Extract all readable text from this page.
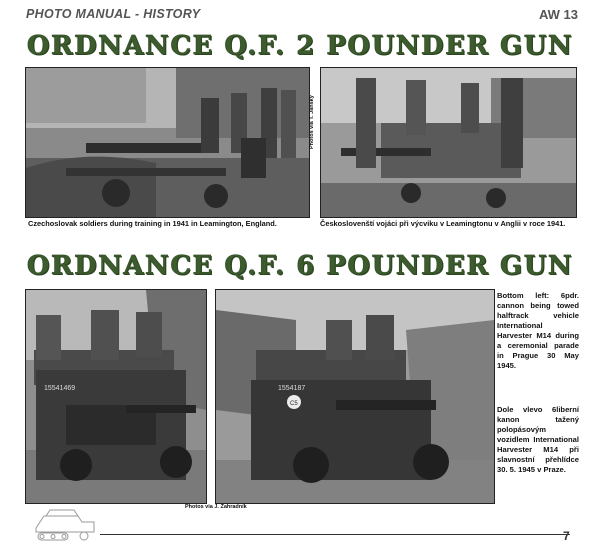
PHOTO MANUAL - HISTORY	AW 13
ORDNANCE Q.F. 2 POUNDER GUN
Photos via T. Jánský
Czechoslovak soldiers during training in 1941 in Leamington, England.	Českoslovenští vojáci při výcviku v Leamingtonu v Anglii v roce 1941.
ORDNANCE Q.F. 6 POUNDER GUN
15541469
C5
1554187
Photos via J. Zahradník
Bottom left: 6pdr. cannon being towed halftrack vehicle International Harvester M14 during a ceremonial parade in Prague 30 May 1945.
Dole vlevo 6liberní kanon tažený polopásovým vozidlem International Harvester M14 při slavnostní přehlídce 30. 5. 1945 v Praze.
7
